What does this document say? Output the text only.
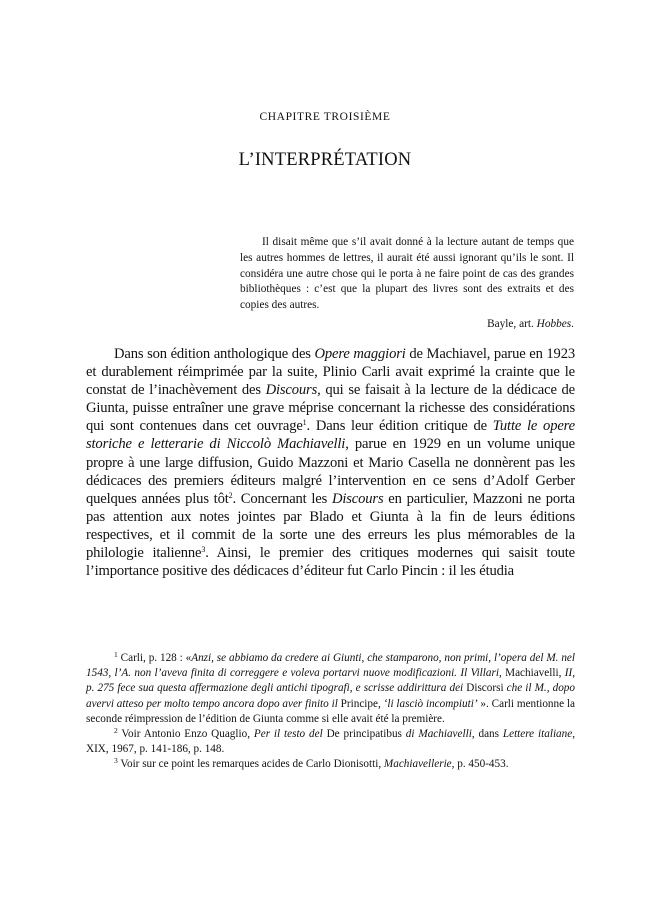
CHAPITRE TROISIÈME
L’INTERPRÉTATION

Il disait même que s’il avait donné à la lecture autant de temps que les autres hommes de lettres, il aurait été aussi ignorant qu’ils le sont. Il considéra une autre chose qui le porta à ne faire point de cas des grandes bibliothèques : c’est que la plupart des livres sont des extraits et des copies des autres.

Bayle, art. Hobbes.

Dans son édition anthologique des Opere maggiori de Machiavel, parue en 1923 et durablement réimprimée par la suite, Plinio Carli avait exprimé la crainte que le constat de l’inachèvement des Discours, qui se faisait à la lecture de la dédicace de Giunta, puisse entraîner une grave méprise concernant la richesse des considérations qui sont contenues dans cet ouvrage$^1$. Dans leur édition critique de Tutte le opere storiche e letterarie di Niccolò Machiavelli, parue en 1929 en un volume unique propre à une large diffusion, Guido Mazzoni et Mario Casella ne donnèrent pas les dédicaces des premiers éditeurs malgré l’intervention en ce sens d’Adolf Gerber quelques années plus tôt$^2$. Concernant les Discours en particulier, Mazzoni ne porta pas attention aux notes jointes par Blado et Giunta à la fin de leurs éditions respectives, et il commit de la sorte une des erreurs les plus mémorables de la philologie italienne$^3$. Ainsi, le premier des critiques modernes qui saisit toute l’importance positive des dédicaces d’éditeur fut Carlo Pincin : il les étudia

$^1$ Carli, p. 128 : «Anzi, se abbiamo da credere ai Giunti, che stamparono, non primi, l’opera del M. nel 1543, l’A. non l’aveva finita di correggere e voleva portarvi nuove modificazioni. Il Villari, Machiavelli, II, p. 275 fece sua questa affermazione degli antichi tipografi, e scrisse addirittura dei Discorsi che il M., dopo avervi atteso per molto tempo ancora dopo aver finito il Principe, ‘li lasciò incompiuti’ ». Carli mentionne la seconde réimpression de l’édition de Giunta comme si elle avait été la première.

$^2$ Voir Antonio Enzo Quaglio, Per il testo del De principatibus di Machiavelli, dans Lettere italiane, XIX, 1967, p. 141-186, p. 148.

$^3$ Voir sur ce point les remarques acides de Carlo Dionisotti, Machiavellerie, p. 450-453.
